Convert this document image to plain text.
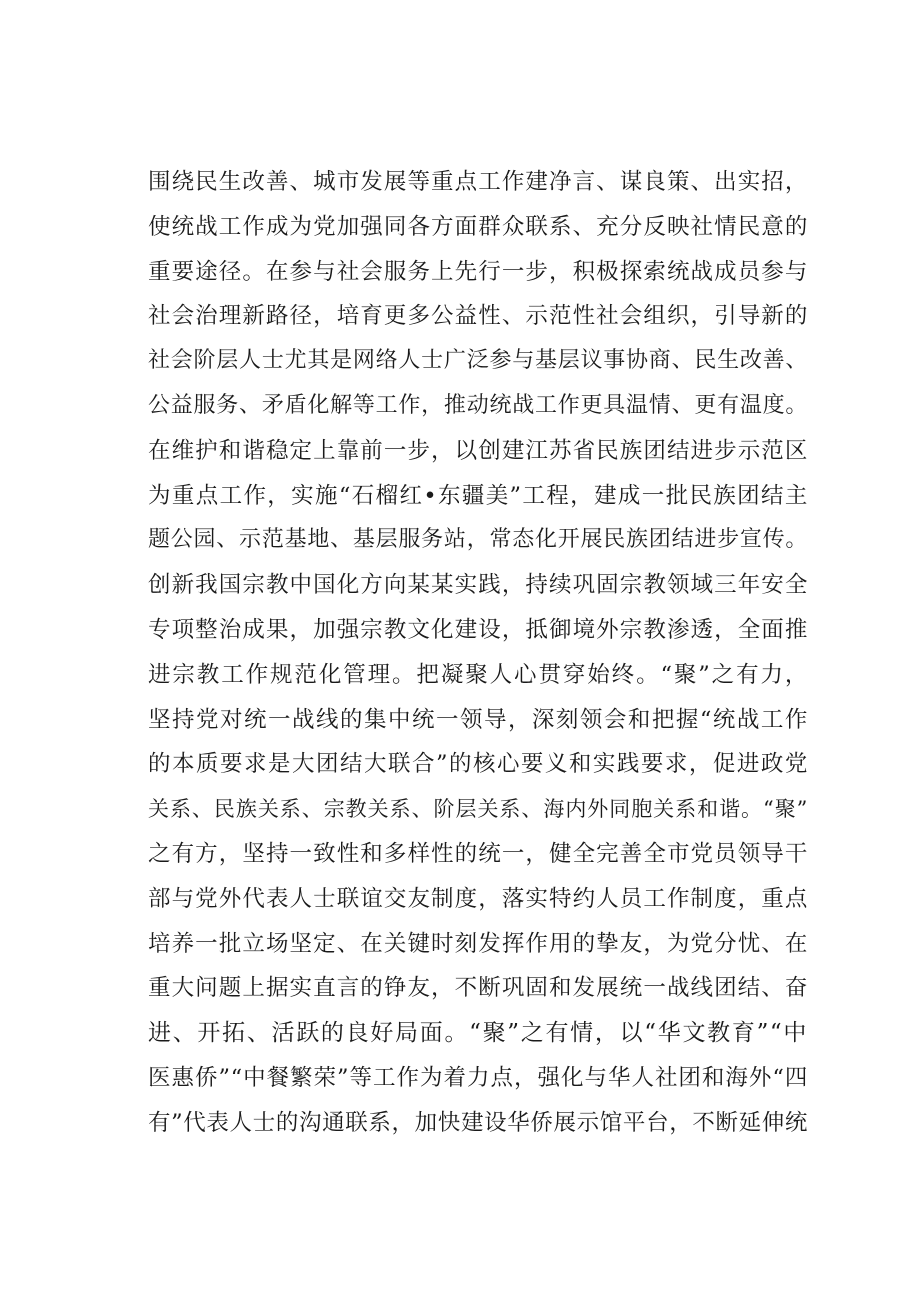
围绕民生改善、城市发展等重点工作建净言、谋良策、出实招，
使统战工作成为党加强同各方面群众联系、充分反映社情民意的
重要途径。在参与社会服务上先行一步，积极探索统战成员参与
社会治理新路径，培育更多公益性、示范性社会组织，引导新的
社会阶层人士尤其是网络人士广泛参与基层议事协商、民生改善、
公益服务、矛盾化解等工作，推动统战工作更具温情、更有温度。
在维护和谐稳定上靠前一步，以创建江苏省民族团结进步示范区
为重点工作，实施“石榴红•东疆美”工程，建成一批民族团结主
题公园、示范基地、基层服务站，常态化开展民族团结进步宣传。
创新我国宗教中国化方向某某实践，持续巩固宗教领域三年安全
专项整治成果，加强宗教文化建设，抵御境外宗教渗透，全面推
进宗教工作规范化管理。把凝聚人心贯穿始终。“聚”之有力，
坚持党对统一战线的集中统一领导，深刻领会和把握“统战工作
的本质要求是大团结大联合”的核心要义和实践要求，促进政党
关系、民族关系、宗教关系、阶层关系、海内外同胞关系和谐。“聚”
之有方，坚持一致性和多样性的统一，健全完善全市党员领导干
部与党外代表人士联谊交友制度，落实特约人员工作制度，重点
培养一批立场坚定、在关键时刻发挥作用的挚友，为党分忧、在
重大问题上据实直言的铮友，不断巩固和发展统一战线团结、奋
进、开拓、活跃的良好局面。“聚”之有情，以“华文教育”“中
医惠侨”“中餐繁荣”等工作为着力点，强化与华人社团和海外“四
有”代表人士的沟通联系，加快建设华侨展示馆平台，不断延伸统
